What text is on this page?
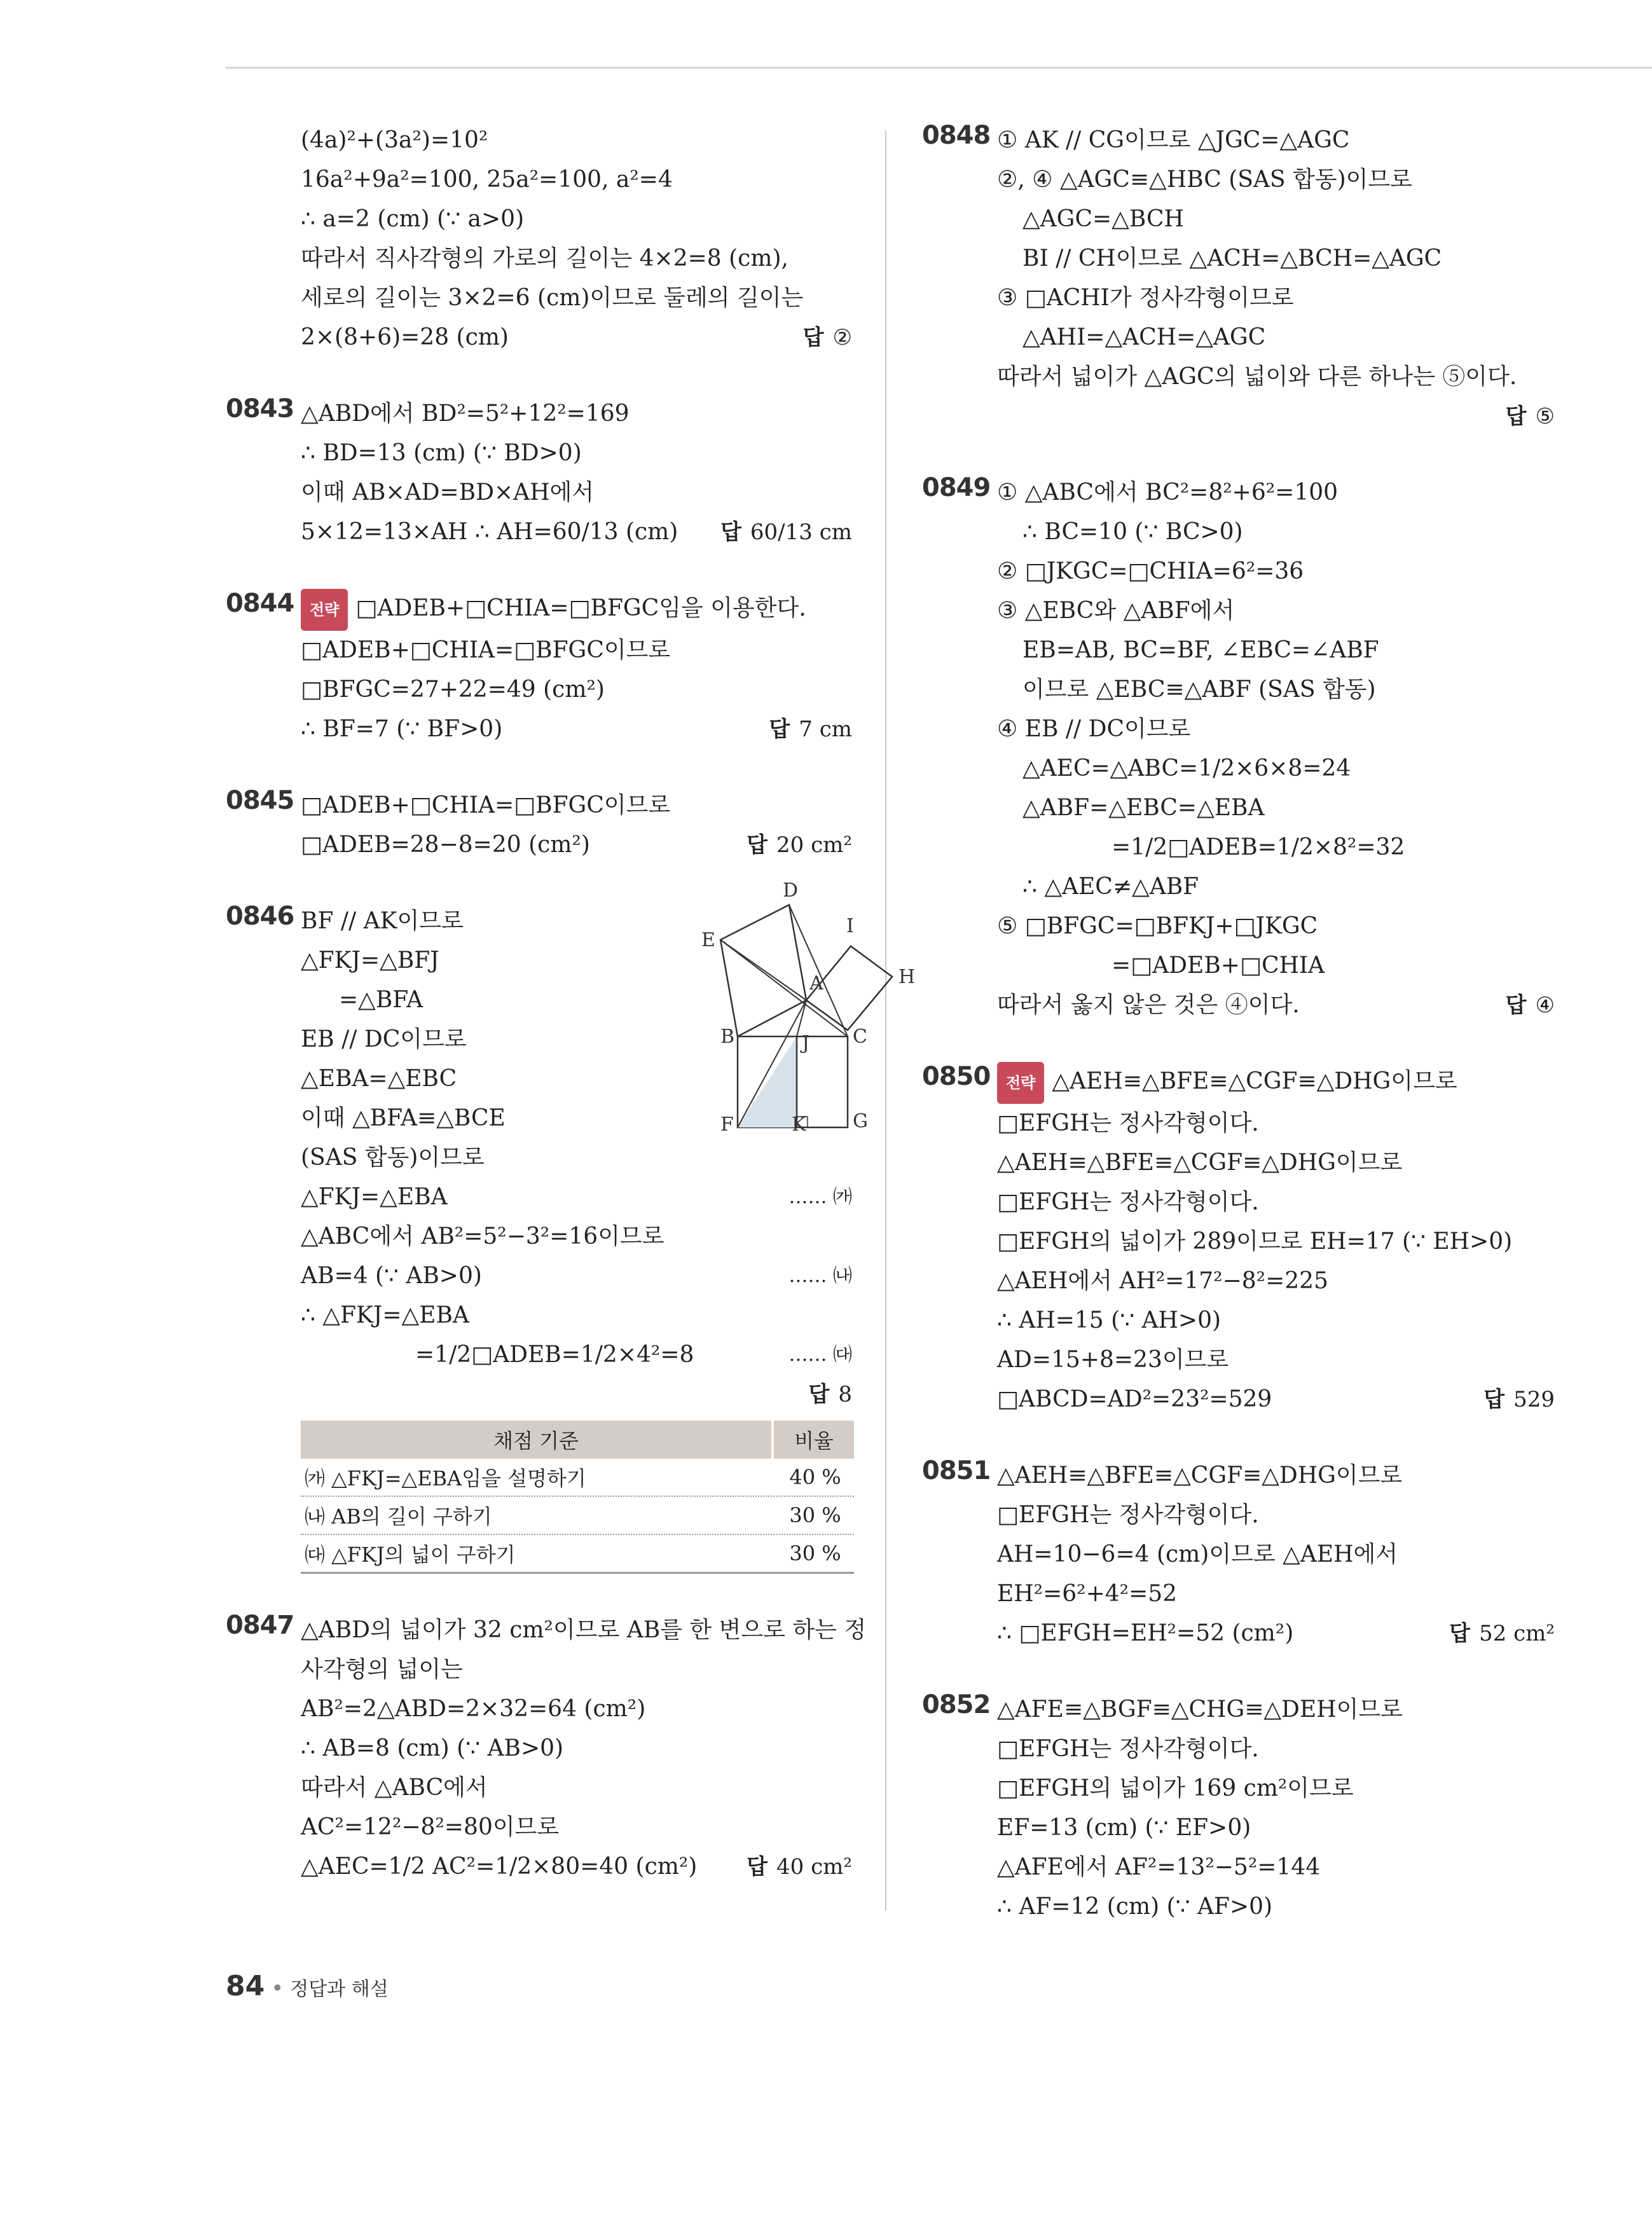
(4a)²+(3a²)=10²
16a²+9a²=100, 25a²=100, a²=4
∴ a=2 (cm) (∵ a>0)
따라서 직사각형의 가로의 길이는 4×2=8 (cm),
세로의 길이는 3×2=6 (cm)이므로 둘레의 길이는
2×(8+6)=28 (cm)	답 ②
0843 △ABD에서 BD²=5²+12²=169
∴ BD=13 (cm) (∵ BD>0)
이때 AB×AD=BD×AH에서
5×12=13×AH ∴ AH=60/13 (cm) 답 60/13 cm
0844	전략 □ADEB+□CHIA=□BFGC임을 이용한다.
□ADEB+□CHIA=□BFGC이므로
□BFGC=27+22=49 (cm²)
∴ BF=7 (∵ BF>0)	답 7 cm
0845 □ADEB+□CHIA=□BFGC이므로
□ADEB=28−8=20 (cm²)	답 20 cm²
0846
D
I
E
A	H
B	J C
F	K G
BF // AK이므로
△FKJ=△BFJ
=△BFA
EB // DC이므로
△EBA=△EBC
이때 △BFA≡△BCE
(SAS 합동)이므로
△FKJ=△EBA	…… ㈎
△ABC에서 AB²=5²−3²=16이므로
AB=4 (∵ AB>0)	…… ㈏
∴ △FKJ=△EBA
=1/2□ADEB=1/2×4²=8	…… ㈐
답 8
채점 기준	비율
㈎ △FKJ=△EBA임을 설명하기	40 %
㈏ AB의 길이 구하기	30 %
㈐ △FKJ의 넓이 구하기	30 %
0847 △ABD의 넓이가 32 cm²이므로 AB를 한 변으로 하는 정
사각형의 넓이는
AB²=2△ABD=2×32=64 (cm²)
∴ AB=8 (cm) (∵ AB>0)
따라서 △ABC에서
AC²=12²−8²=80이므로
△AEC=1/2 AC²=1/2×80=40 (cm²) 답 40 cm²
0848 ① AK // CG이므로 △JGC=△AGC
②, ④ △AGC≡△HBC (SAS 합동)이므로
△AGC=△BCH
BI // CH이므로 △ACH=△BCH=△AGC
③ □ACHI가 정사각형이므로
△AHI=△ACH=△AGC
따라서 넓이가 △AGC의 넓이와 다른 하나는 ⑤이다.
답 ⑤
0849 ① △ABC에서 BC²=8²+6²=100
∴ BC=10 (∵ BC>0)
② □JKGC=□CHIA=6²=36
③ △EBC와 △ABF에서
EB=AB, BC=BF, ∠EBC=∠ABF
이므로 △EBC≡△ABF (SAS 합동)
④ EB // DC이므로
△AEC=△ABC=1/2×6×8=24
△ABF=△EBC=△EBA
=1/2□ADEB=1/2×8²=32
∴ △AEC≠△ABF
⑤ □BFGC=□BFKJ+□JKGC
=□ADEB+□CHIA
따라서 옳지 않은 것은 ④이다.	답 ④
0850	전략 △AEH≡△BFE≡△CGF≡△DHG이므로
□EFGH는 정사각형이다.
△AEH≡△BFE≡△CGF≡△DHG이므로
□EFGH는 정사각형이다.
□EFGH의 넓이가 289이므로 EH=17 (∵ EH>0)
△AEH에서 AH²=17²−8²=225
∴ AH=15 (∵ AH>0)
AD=15+8=23이므로
□ABCD=AD²=23²=529	답 529
0851 △AEH≡△BFE≡△CGF≡△DHG이므로
□EFGH는 정사각형이다.
AH=10−6=4 (cm)이므로 △AEH에서
EH²=6²+4²=52
∴ □EFGH=EH²=52 (cm²)	답 52 cm²
0852 △AFE≡△BGF≡△CHG≡△DEH이므로
□EFGH는 정사각형이다.
□EFGH의 넓이가 169 cm²이므로
EF=13 (cm) (∵ EF>0)
△AFE에서 AF²=13²−5²=144
∴ AF=12 (cm) (∵ AF>0)
84 • 정답과 해설
